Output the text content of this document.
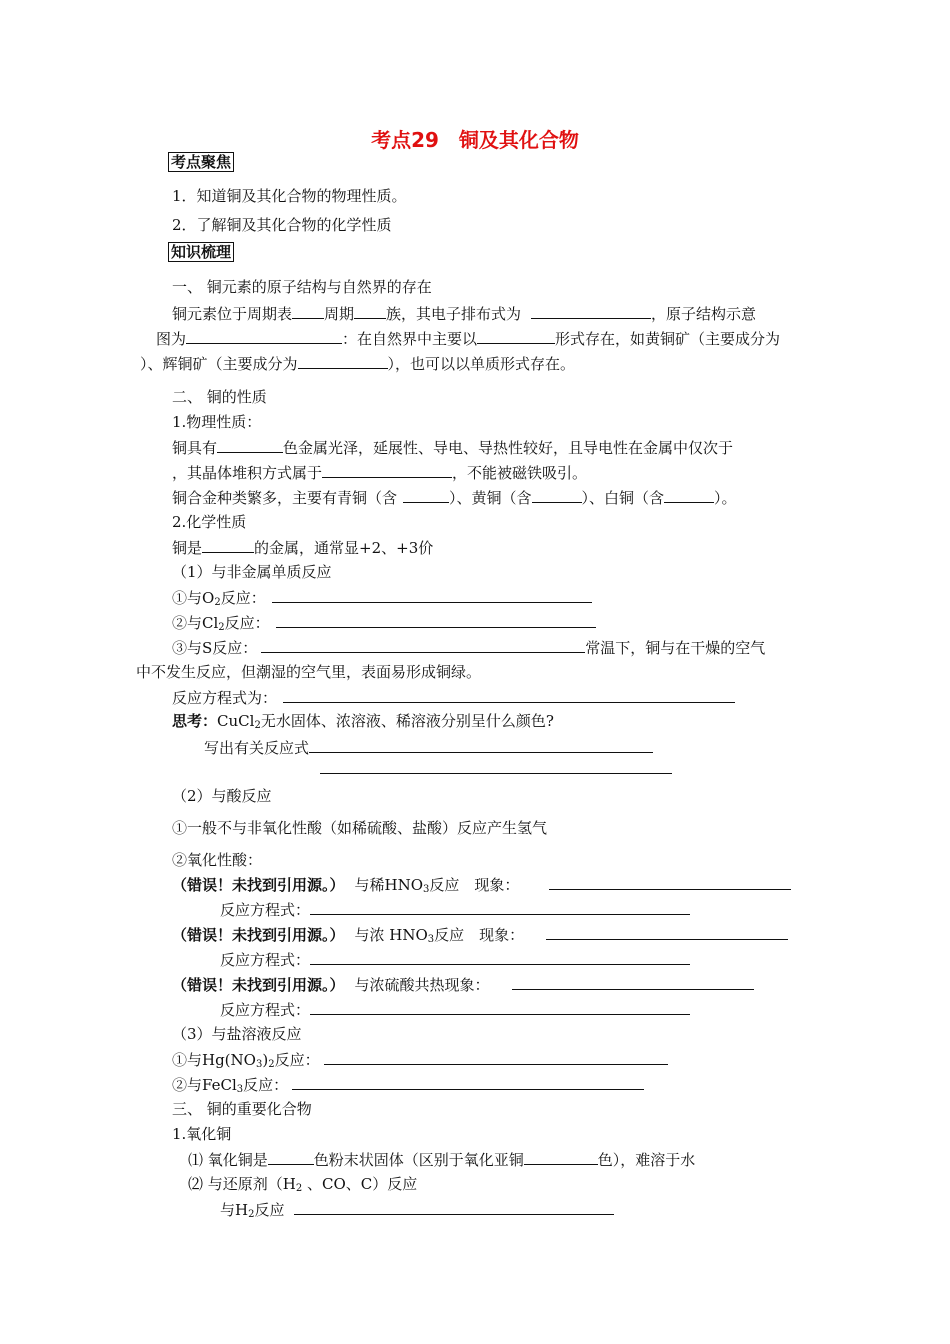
考点29　铜及其化合物
考点聚焦
1．知道铜及其化合物的物理性质。
2．了解铜及其化合物的化学性质
知识梳理
一、 铜元素的原子结构与自然界的存在
铜元素位于周期表 周期 族，其电子排布式为	，原子结构示意
图为	：在自然界中主要以	形式存在，如黄铜矿（主要成分为
）、辉铜矿（主要成分为	），也可以以单质形式存在。
二、 铜的性质
1.物理性质：
铜具有	色金属光泽，延展性、导电、导热性较好，且导电性在金属中仅次于
，其晶体堆积方式属于	，不能被磁铁吸引。
铜合金种类繁多，主要有青铜（含	）、黄铜（含	）、白铜（含	）。
2.化学性质
铜是	的金属，通常显+2、+3价
（1）与非金属单质反应
①与$O_2$反应：
②与$Cl_2$反应：
③与S反应：	常温下，铜与在干燥的空气
中不发生反应，但潮湿的空气里，表面易形成铜绿。
反应方程式为：
思考：CuCl$_2$无水固体、浓溶液、稀溶液分别呈什么颜色?
写出有关反应式
（2）与酸反应
①一般不与非氧化性酸（如稀硫酸、盐酸）反应产生氢气
②氧化性酸：
（错误！未找到引用源。） 与稀$HNO_3$反应　现象：
反应方程式：
（错误！未找到引用源。） 与浓 $HNO_3$反应　现象：
反应方程式：
（错误！未找到引用源。） 与浓硫酸共热现象：
反应方程式：
（3）与盐溶液反应
①与$Hg(NO_3)_2$反应：
②与FeCl$_3$反应：
三、 铜的重要化合物
1.氧化铜
⑴ 氧化铜是	色粉末状固体（区别于氧化亚铜	色），难溶于水
⑵ 与还原剂（$H_2$ 、CO、C）反应
与$H_2$反应
